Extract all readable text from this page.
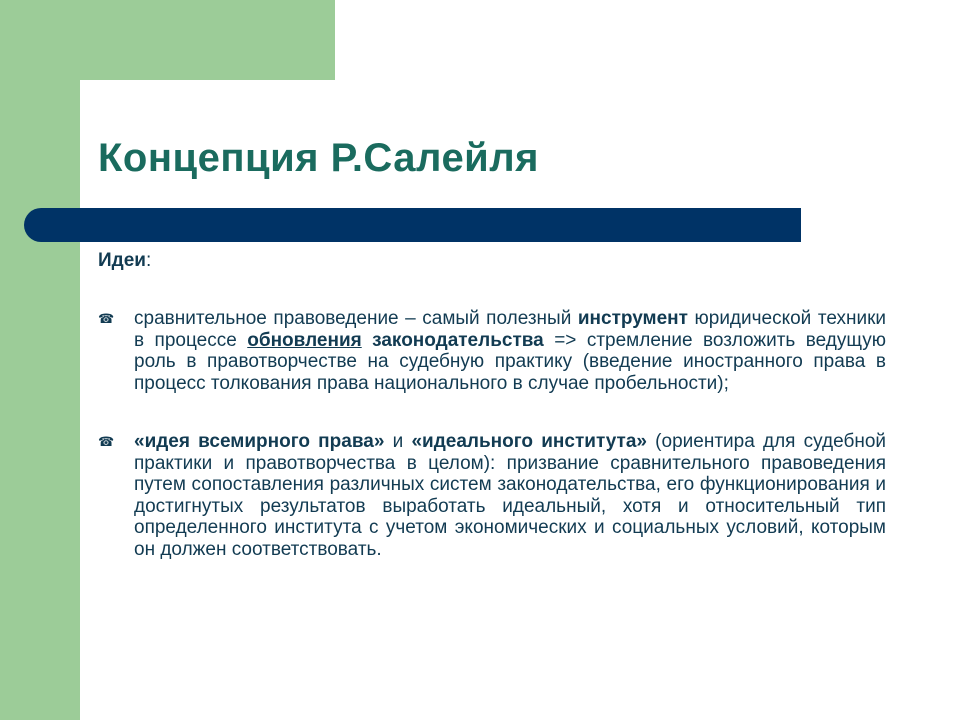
Концепция Р.Салейля

Идеи:

☎	сравнительное правоведение – самый полезный инструмент юридической техники в процессе обновления законодательства => стремление возложить ведущую роль в правотворчестве на судебную практику (введение иностранного права в процесс толкования права национального в случае пробельности);
☎	«идея всемирного права» и «идеального института» (ориентира для судебной практики и правотворчества в целом): призвание сравнительного правоведения путем сопоставления различных систем законодательства, его функционирования и достигнутых результатов выработать идеальный, хотя и относительный тип определенного института с учетом экономических и социальных условий, которым он должен соответствовать.
